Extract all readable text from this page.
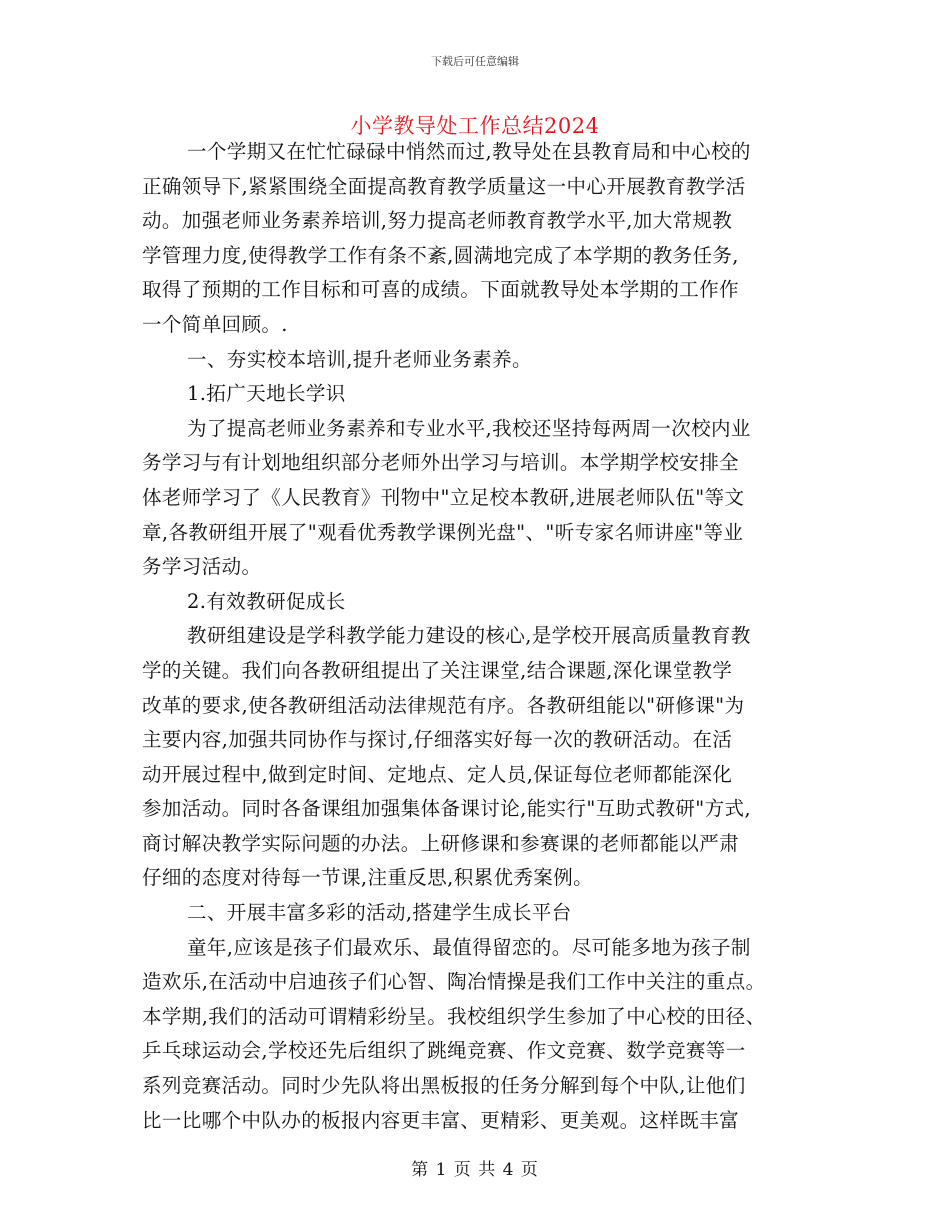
下载后可任意编辑
小学教导处工作总结2024
一个学期又在忙忙碌碌中悄然而过,教导处在县教育局和中心校的
正确领导下,紧紧围绕全面提高教育教学质量这一中心开展教育教学活
动。加强老师业务素养培训,努力提高老师教育教学水平,加大常规教
学管理力度,使得教学工作有条不紊,圆满地完成了本学期的教务任务,
取得了预期的工作目标和可喜的成绩。下面就教导处本学期的工作作
一个简单回顾。.
一、夯实校本培训,提升老师业务素养。
1.拓广天地长学识
为了提高老师业务素养和专业水平,我校还坚持每两周一次校内业
务学习与有计划地组织部分老师外出学习与培训。本学期学校安排全
体老师学习了《人民教育》刊物中"立足校本教研,进展老师队伍"等文
章,各教研组开展了"观看优秀教学课例光盘"、"听专家名师讲座"等业
务学习活动。
2.有效教研促成长
教研组建设是学科教学能力建设的核心,是学校开展高质量教育教
学的关键。我们向各教研组提出了关注课堂,结合课题,深化课堂教学
改革的要求,使各教研组活动法律规范有序。各教研组能以"研修课"为
主要内容,加强共同协作与探讨,仔细落实好每一次的教研活动。在活
动开展过程中,做到定时间、定地点、定人员,保证每位老师都能深化
参加活动。同时各备课组加强集体备课讨论,能实行"互助式教研"方式,
商讨解决教学实际问题的办法。上研修课和参赛课的老师都能以严肃
仔细的态度对待每一节课,注重反思,积累优秀案例。
二、开展丰富多彩的活动,搭建学生成长平台
童年,应该是孩子们最欢乐、最值得留恋的。尽可能多地为孩子制
造欢乐,在活动中启迪孩子们心智、陶冶情操是我们工作中关注的重点。
本学期,我们的活动可谓精彩纷呈。我校组织学生参加了中心校的田径、
乒乓球运动会,学校还先后组织了跳绳竞赛、作文竞赛、数学竞赛等一
系列竞赛活动。同时少先队将出黑板报的任务分解到每个中队,让他们
比一比哪个中队办的板报内容更丰富、更精彩、更美观。这样既丰富
第 1 页 共 4 页
